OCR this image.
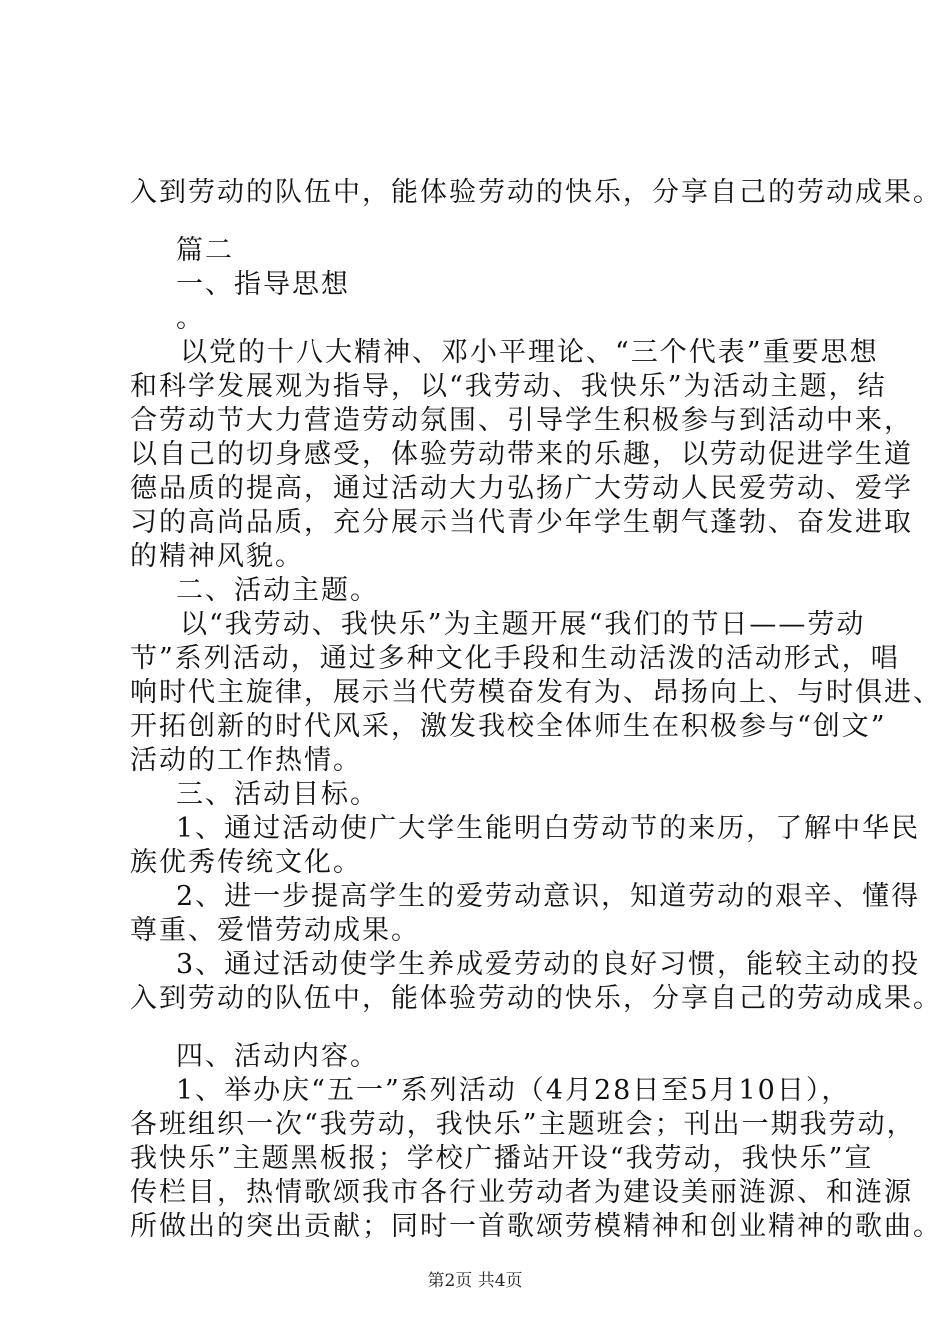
入到劳动的队伍中，能体验劳动的快乐，分享自己的劳动成果。
篇二
一、指导思想
。
以党的十八大精神、邓小平理论、“三个代表”重要思想
和科学发展观为指导，以“我劳动、我快乐”为活动主题，结
合劳动节大力营造劳动氛围、引导学生积极参与到活动中来，
以自己的切身感受，体验劳动带来的乐趣，以劳动促进学生道
德品质的提高，通过活动大力弘扬广大劳动人民爱劳动、爱学
习的高尚品质，充分展示当代青少年学生朝气蓬勃、奋发进取
的精神风貌。
二、活动主题。
以“我劳动、我快乐”为主题开展“我们的节日——劳动
节”系列活动，通过多种文化手段和生动活泼的活动形式，唱
响时代主旋律，展示当代劳模奋发有为、昂扬向上、与时俱进、
开拓创新的时代风采，激发我校全体师生在积极参与“创文”
活动的工作热情。
三、活动目标。
1、通过活动使广大学生能明白劳动节的来历，了解中华民
族优秀传统文化。
2、进一步提高学生的爱劳动意识，知道劳动的艰辛、懂得
尊重、爱惜劳动成果。
3、通过活动使学生养成爱劳动的良好习惯，能较主动的投
入到劳动的队伍中，能体验劳动的快乐，分享自己的劳动成果。
四、活动内容。
1、举办庆“五一”系列活动（4月28日至5月10日），
各班组织一次“我劳动，我快乐”主题班会；刊出一期我劳动，
我快乐”主题黑板报；学校广播站开设“我劳动，我快乐”宣
传栏目，热情歌颂我市各行业劳动者为建设美丽涟源、和涟源
所做出的突出贡献；同时一首歌颂劳模精神和创业精神的歌曲。
第2页 共4页
